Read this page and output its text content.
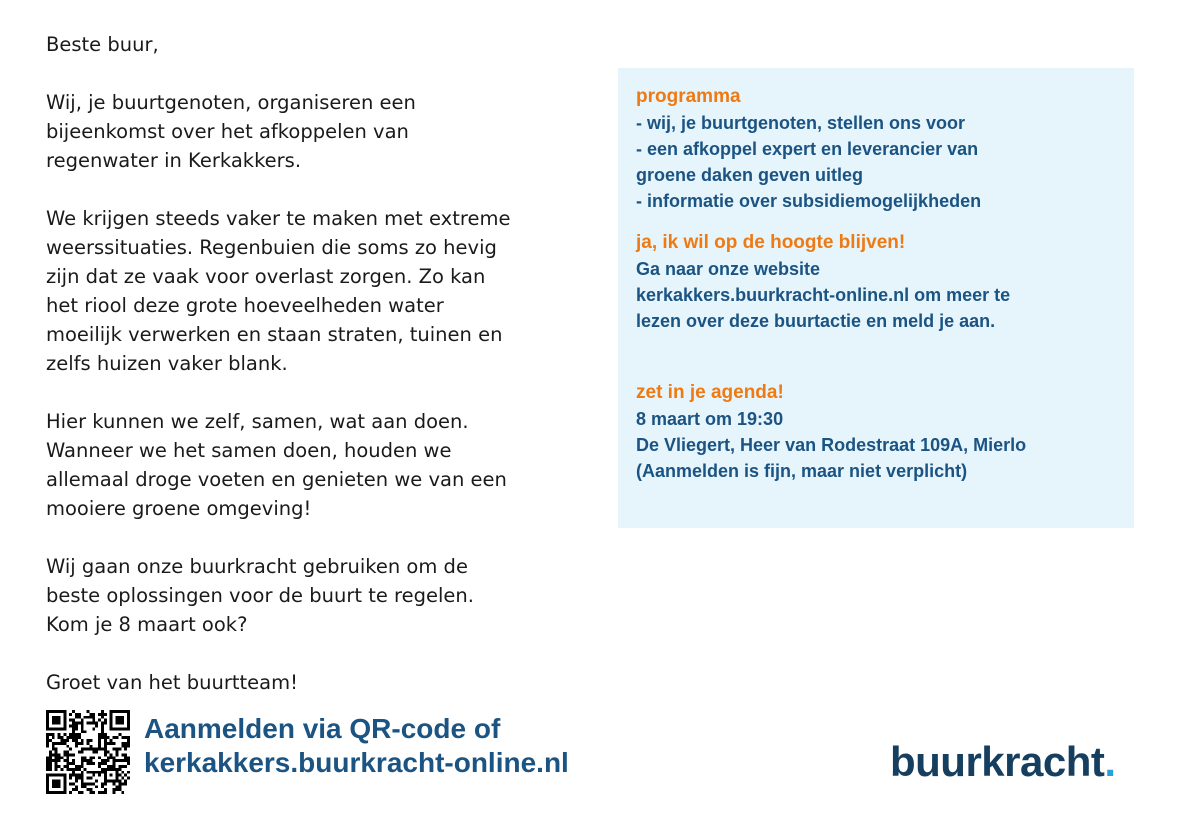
Beste buur,

Wij, je buurtgenoten, organiseren een
bijeenkomst over het afkoppelen van
regenwater in Kerkakkers.

We krijgen steeds vaker te maken met extreme
weerssituaties. Regenbuien die soms zo hevig
zijn dat ze vaak voor overlast zorgen. Zo kan
het riool deze grote hoeveelheden water
moeilijk verwerken en staan straten, tuinen en
zelfs huizen vaker blank.

Hier kunnen we zelf, samen, wat aan doen.
Wanneer we het samen doen, houden we
allemaal droge voeten en genieten we van een
mooiere groene omgeving!

Wij gaan onze buurkracht gebruiken om de
beste oplossingen voor de buurt te regelen.
Kom je 8 maart ook?

Groet van het buurtteam!

programma
- wij, je buurtgenoten, stellen ons voor
- een afkoppel expert en leverancier van
groene daken geven uitleg
- informatie over subsidiemogelijkheden
ja, ik wil op de hoogte blijven!
Ga naar onze website
kerkakkers.buurkracht-online.nl om meer te
lezen over deze buurtactie en meld je aan.
zet in je agenda!
8 maart om 19:30
De Vliegert, Heer van Rodestraat 109A, Mierlo
(Aanmelden is fijn, maar niet verplicht)
Aanmelden via QR-code of
kerkakkers.buurkracht-online.nl	buurkracht.
